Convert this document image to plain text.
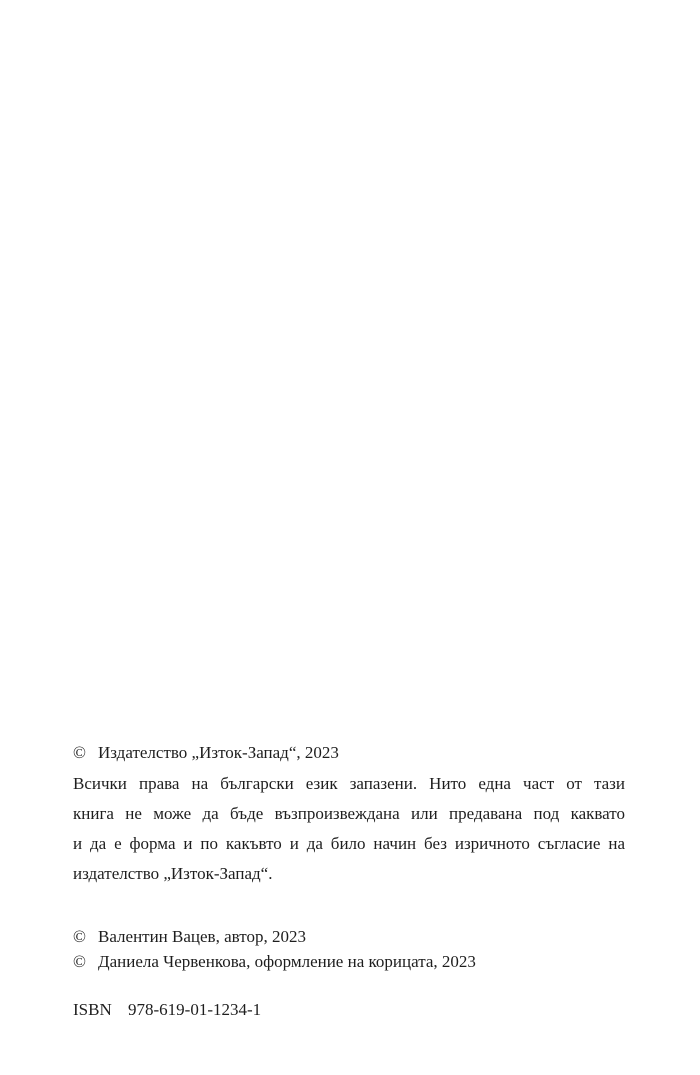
© Издателство „Изток-Запад“, 2023
Всички права на български език запазени. Нито една част от тази
книга не може да бъде възпроизвеждана или предавана под каквато
и да е форма и по какъвто и да било начин без изричното съгласие на
издателство „Изток-Запад“.
© Валентин Вацев, автор, 2023
© Даниела Червенкова, оформление на корицата, 2023
ISBN 978-619-01-1234-1
